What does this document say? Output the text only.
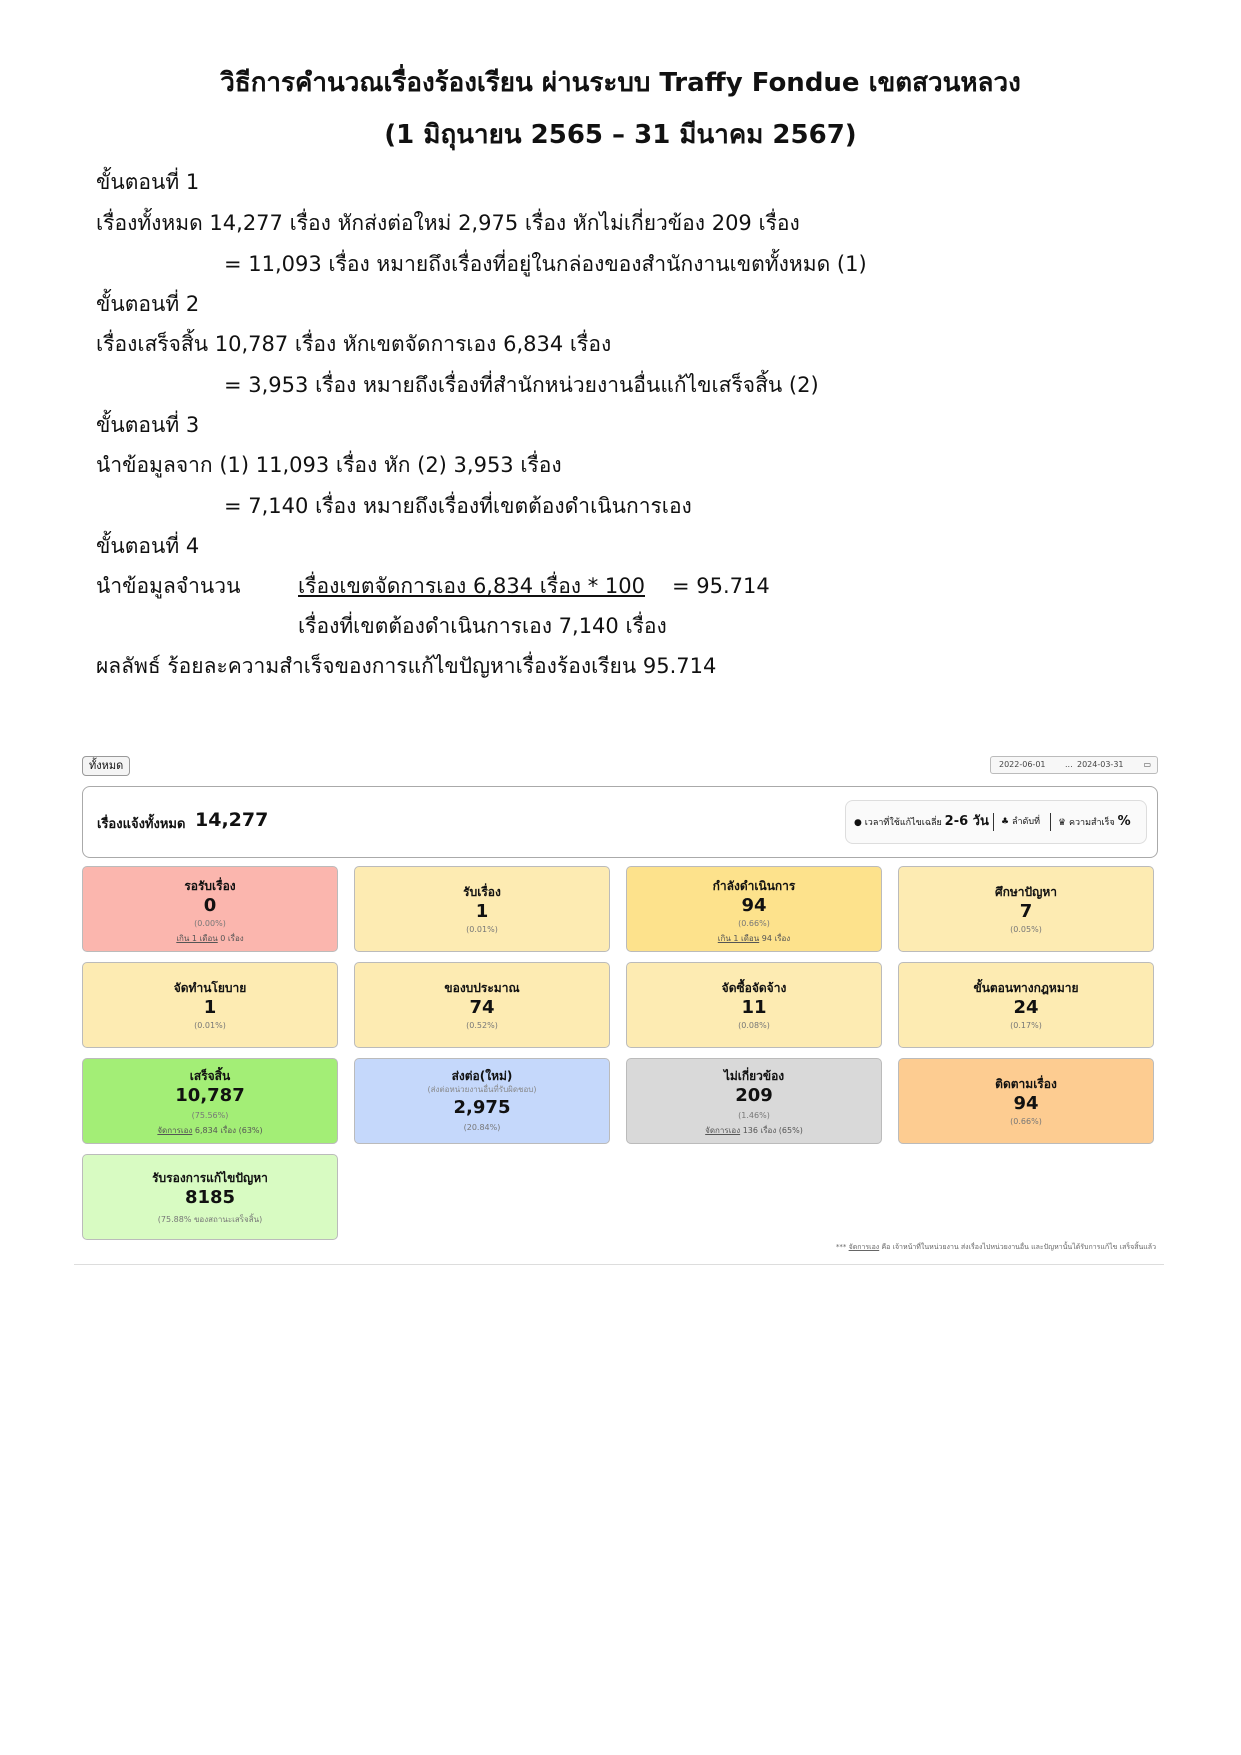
วิธีการคำนวณเรื่องร้องเรียน ผ่านระบบ Traffy Fondue เขตสวนหลวง
(1 มิถุนายน 2565 – 31 มีนาคม 2567)
ขั้นตอนที่ 1
เรื่องทั้งหมด 14,277 เรื่อง หักส่งต่อใหม่ 2,975 เรื่อง หักไม่เกี่ยวข้อง 209 เรื่อง
= 11,093 เรื่อง หมายถึงเรื่องที่อยู่ในกล่องของสำนักงานเขตทั้งหมด (1)
ขั้นตอนที่ 2
เรื่องเสร็จสิ้น 10,787 เรื่อง หักเขตจัดการเอง 6,834 เรื่อง
= 3,953 เรื่อง หมายถึงเรื่องที่สำนักหน่วยงานอื่นแก้ไขเสร็จสิ้น (2)
ขั้นตอนที่ 3
นำข้อมูลจาก (1) 11,093 เรื่อง หัก (2) 3,953 เรื่อง
= 7,140 เรื่อง หมายถึงเรื่องที่เขตต้องดำเนินการเอง
ขั้นตอนที่ 4
นำข้อมูลจำนวน	เรื่องเขตจัดการเอง 6,834 เรื่อง * 100 = 95.714
เรื่องที่เขตต้องดำเนินการเอง 7,140 เรื่อง
ผลลัพธ์ ร้อยละความสำเร็จของการแก้ไขปัญหาเรื่องร้องเรียน 95.714
ทั้งหมด	2022-06-01 ... 2024-03-31 ▭
เรื่องแจ้งทั้งหมด 14,277	● เวลาที่ใช้แก้ไขเฉลี่ย 2-6 วัน ♣ ลำดับที่ ♛ ความสำเร็จ %
รอรับเรื่อง
0
(0.00%)
เกิน 1 เดือน 0 เรื่อง
รับเรื่อง
1
(0.01%)
กำลังดำเนินการ
94
(0.66%)
เกิน 1 เดือน 94 เรื่อง
ศึกษาปัญหา
7
(0.05%)
จัดทำนโยบาย
1
(0.01%)
ของบประมาณ
74
(0.52%)
จัดซื้อจัดจ้าง
11
(0.08%)
ขั้นตอนทางกฎหมาย
24
(0.17%)
เสร็จสิ้น
10,787
(75.56%)
จัดการเอง 6,834 เรื่อง (63%)
ส่งต่อ(ใหม่)
(ส่งต่อหน่วยงานอื่นที่รับผิดชอบ)
2,975
(20.84%)
ไม่เกี่ยวข้อง
209
(1.46%)
จัดการเอง 136 เรื่อง (65%)
ติดตามเรื่อง
94
(0.66%)
รับรองการแก้ไขปัญหา
8185
(75.88% ของสถานะเสร็จสิ้น)
*** จัดการเอง คือ เจ้าหน้าที่ในหน่วยงาน ส่งเรื่องไปหน่วยงานอื่น และปัญหานั้นได้รับการแก้ไข เสร็จสิ้นแล้ว
